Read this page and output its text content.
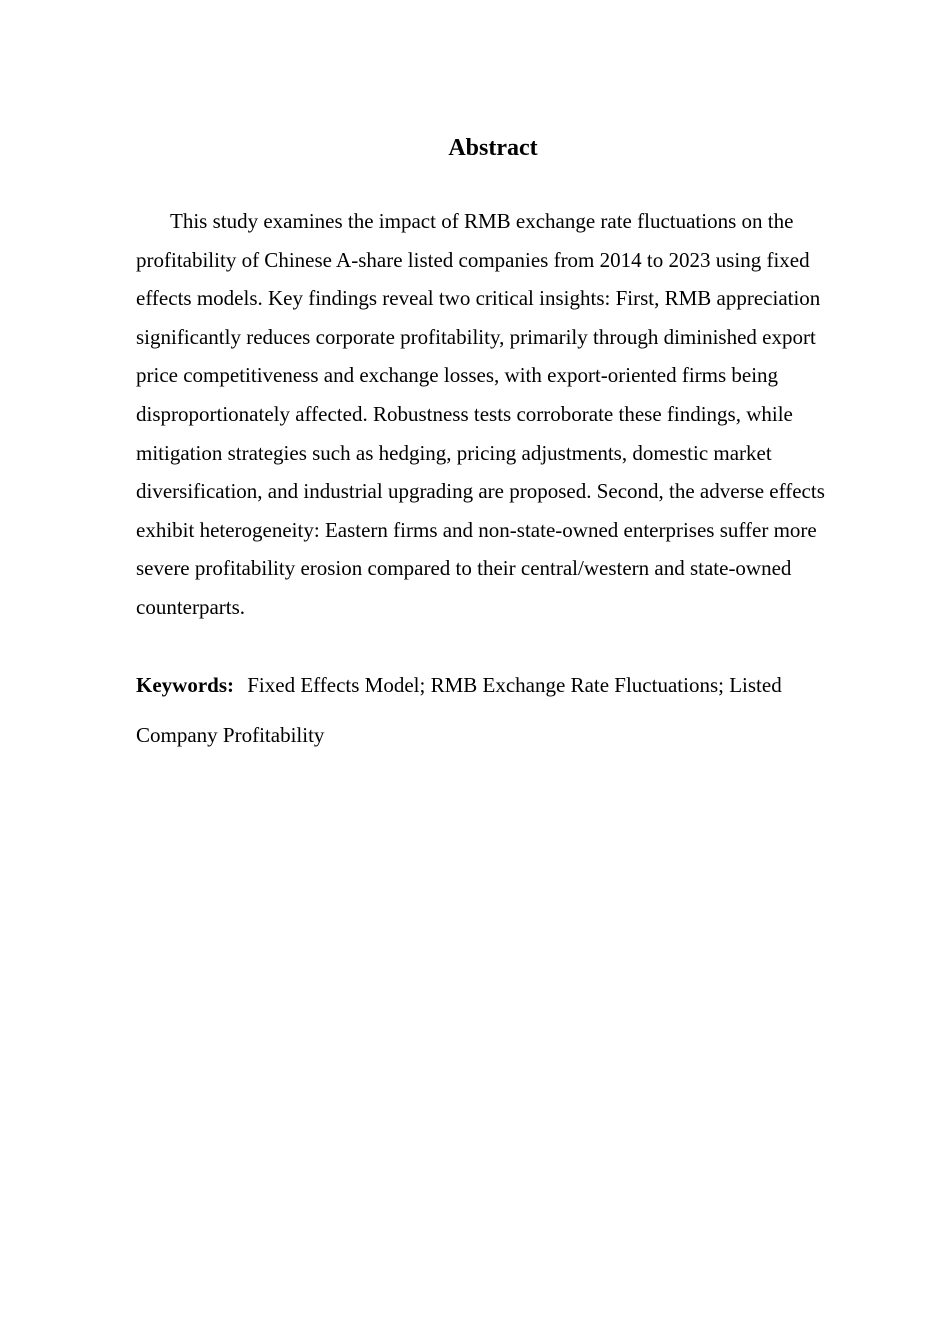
Abstract

This study examines the impact of RMB exchange rate fluctuations on the profitability of Chinese A-share listed companies from 2014 to 2023 using fixed effects models. Key findings reveal two critical insights: First, RMB appreciation significantly reduces corporate profitability, primarily through diminished export price competitiveness and exchange losses, with export-oriented firms being disproportionately affected. Robustness tests corroborate these findings, while mitigation strategies such as hedging, pricing adjustments, domestic market diversification, and industrial upgrading are proposed. Second, the adverse effects exhibit heterogeneity: Eastern firms and non-state-owned enterprises suffer more severe profitability erosion compared to their central/western and state-owned counterparts.

Keywords: Fixed Effects Model; RMB Exchange Rate Fluctuations; Listed Company Profitability
